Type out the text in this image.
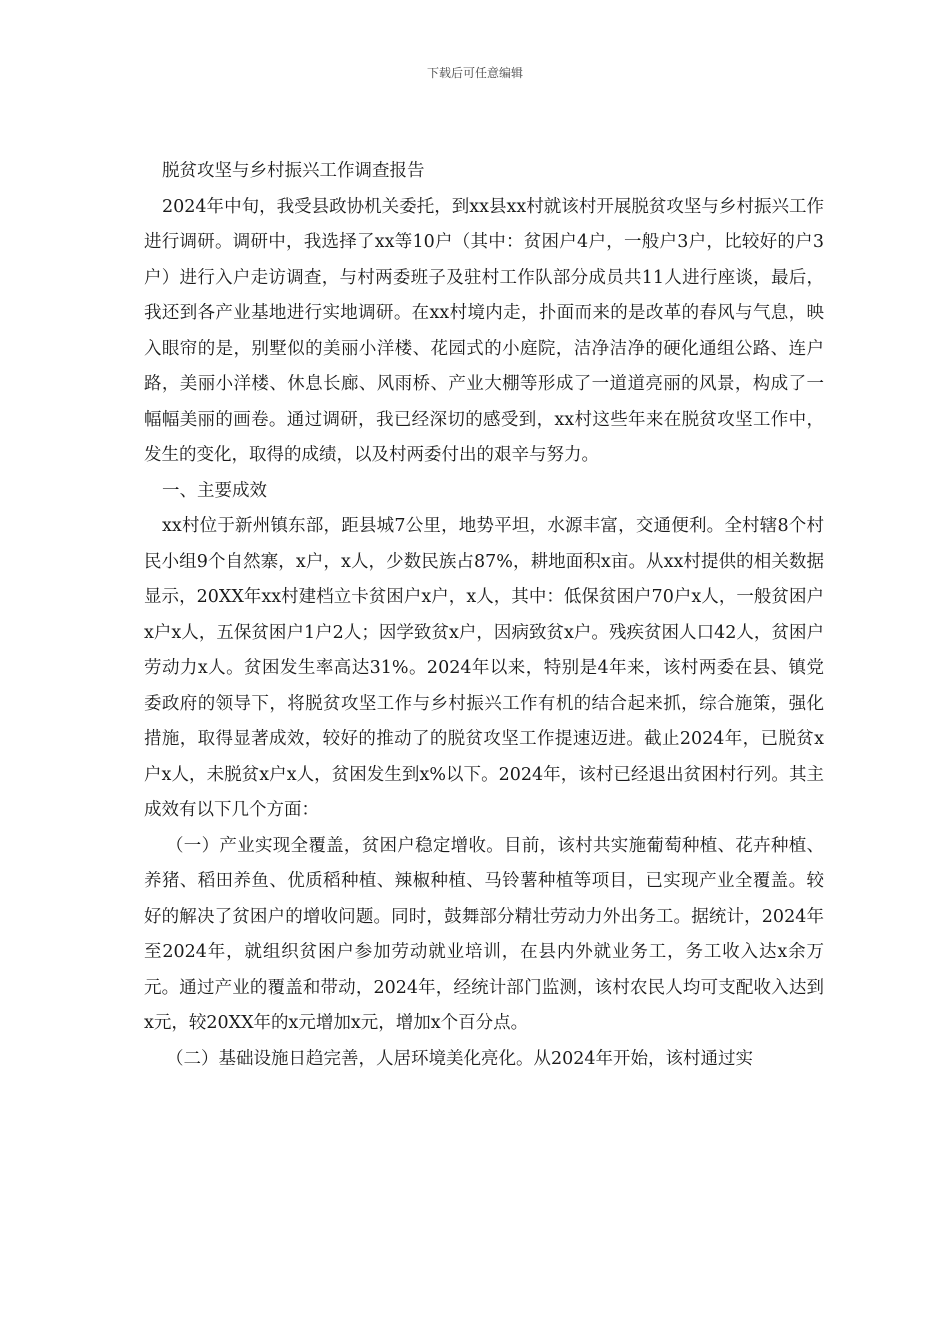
下载后可任意编辑

脱贫攻坚与乡村振兴工作调查报告

2024年中旬，我受县政协机关委托，到xx县xx村就该村开展脱贫攻坚与乡村振兴工作进行调研。调研中，我选择了xx等10户（其中：贫困户4户，一般户3户，比较好的户3户）进行入户走访调查，与村两委班子及驻村工作队部分成员共11人进行座谈，最后，我还到各产业基地进行实地调研。在xx村境内走，扑面而来的是改革的春风与气息，映入眼帘的是，别墅似的美丽小洋楼、花园式的小庭院，洁净洁净的硬化通组公路、连户路，美丽小洋楼、休息长廊、风雨桥、产业大棚等形成了一道道亮丽的风景，构成了一幅幅美丽的画卷。通过调研，我已经深切的感受到，xx村这些年来在脱贫攻坚工作中，发生的变化，取得的成绩，以及村两委付出的艰辛与努力。

一、主要成效

xx村位于新州镇东部，距县城7公里，地势平坦，水源丰富，交通便利。全村辖8个村民小组9个自然寨，x户，x人，少数民族占87%，耕地面积x亩。从xx村提供的相关数据显示，20XX年xx村建档立卡贫困户x户，x人，其中：低保贫困户70户x人，一般贫困户x户x人，五保贫困户1户2人；因学致贫x户，因病致贫x户。残疾贫困人口42人，贫困户劳动力x人。贫困发生率高达31%。2024年以来，特别是4年来，该村两委在县、镇党委政府的领导下，将脱贫攻坚工作与乡村振兴工作有机的结合起来抓，综合施策，强化措施，取得显著成效，较好的推动了的脱贫攻坚工作提速迈进。截止2024年，已脱贫x户x人，未脱贫x户x人，贫困发生到x%以下。2024年，该村已经退出贫困村行列。其主成效有以下几个方面：

（一）产业实现全覆盖，贫困户稳定增收。目前，该村共实施葡萄种植、花卉种植、养猪、稻田养鱼、优质稻种植、辣椒种植、马铃薯种植等项目，已实现产业全覆盖。较好的解决了贫困户的增收问题。同时，鼓舞部分精壮劳动力外出务工。据统计，2024年至2024年，就组织贫困户参加劳动就业培训，在县内外就业务工，务工收入达x余万元。通过产业的覆盖和带动，2024年，经统计部门监测，该村农民人均可支配收入达到x元，较20XX年的x元增加x元，增加x个百分点。

（二）基础设施日趋完善，人居环境美化亮化。从2024年开始，该村通过实
